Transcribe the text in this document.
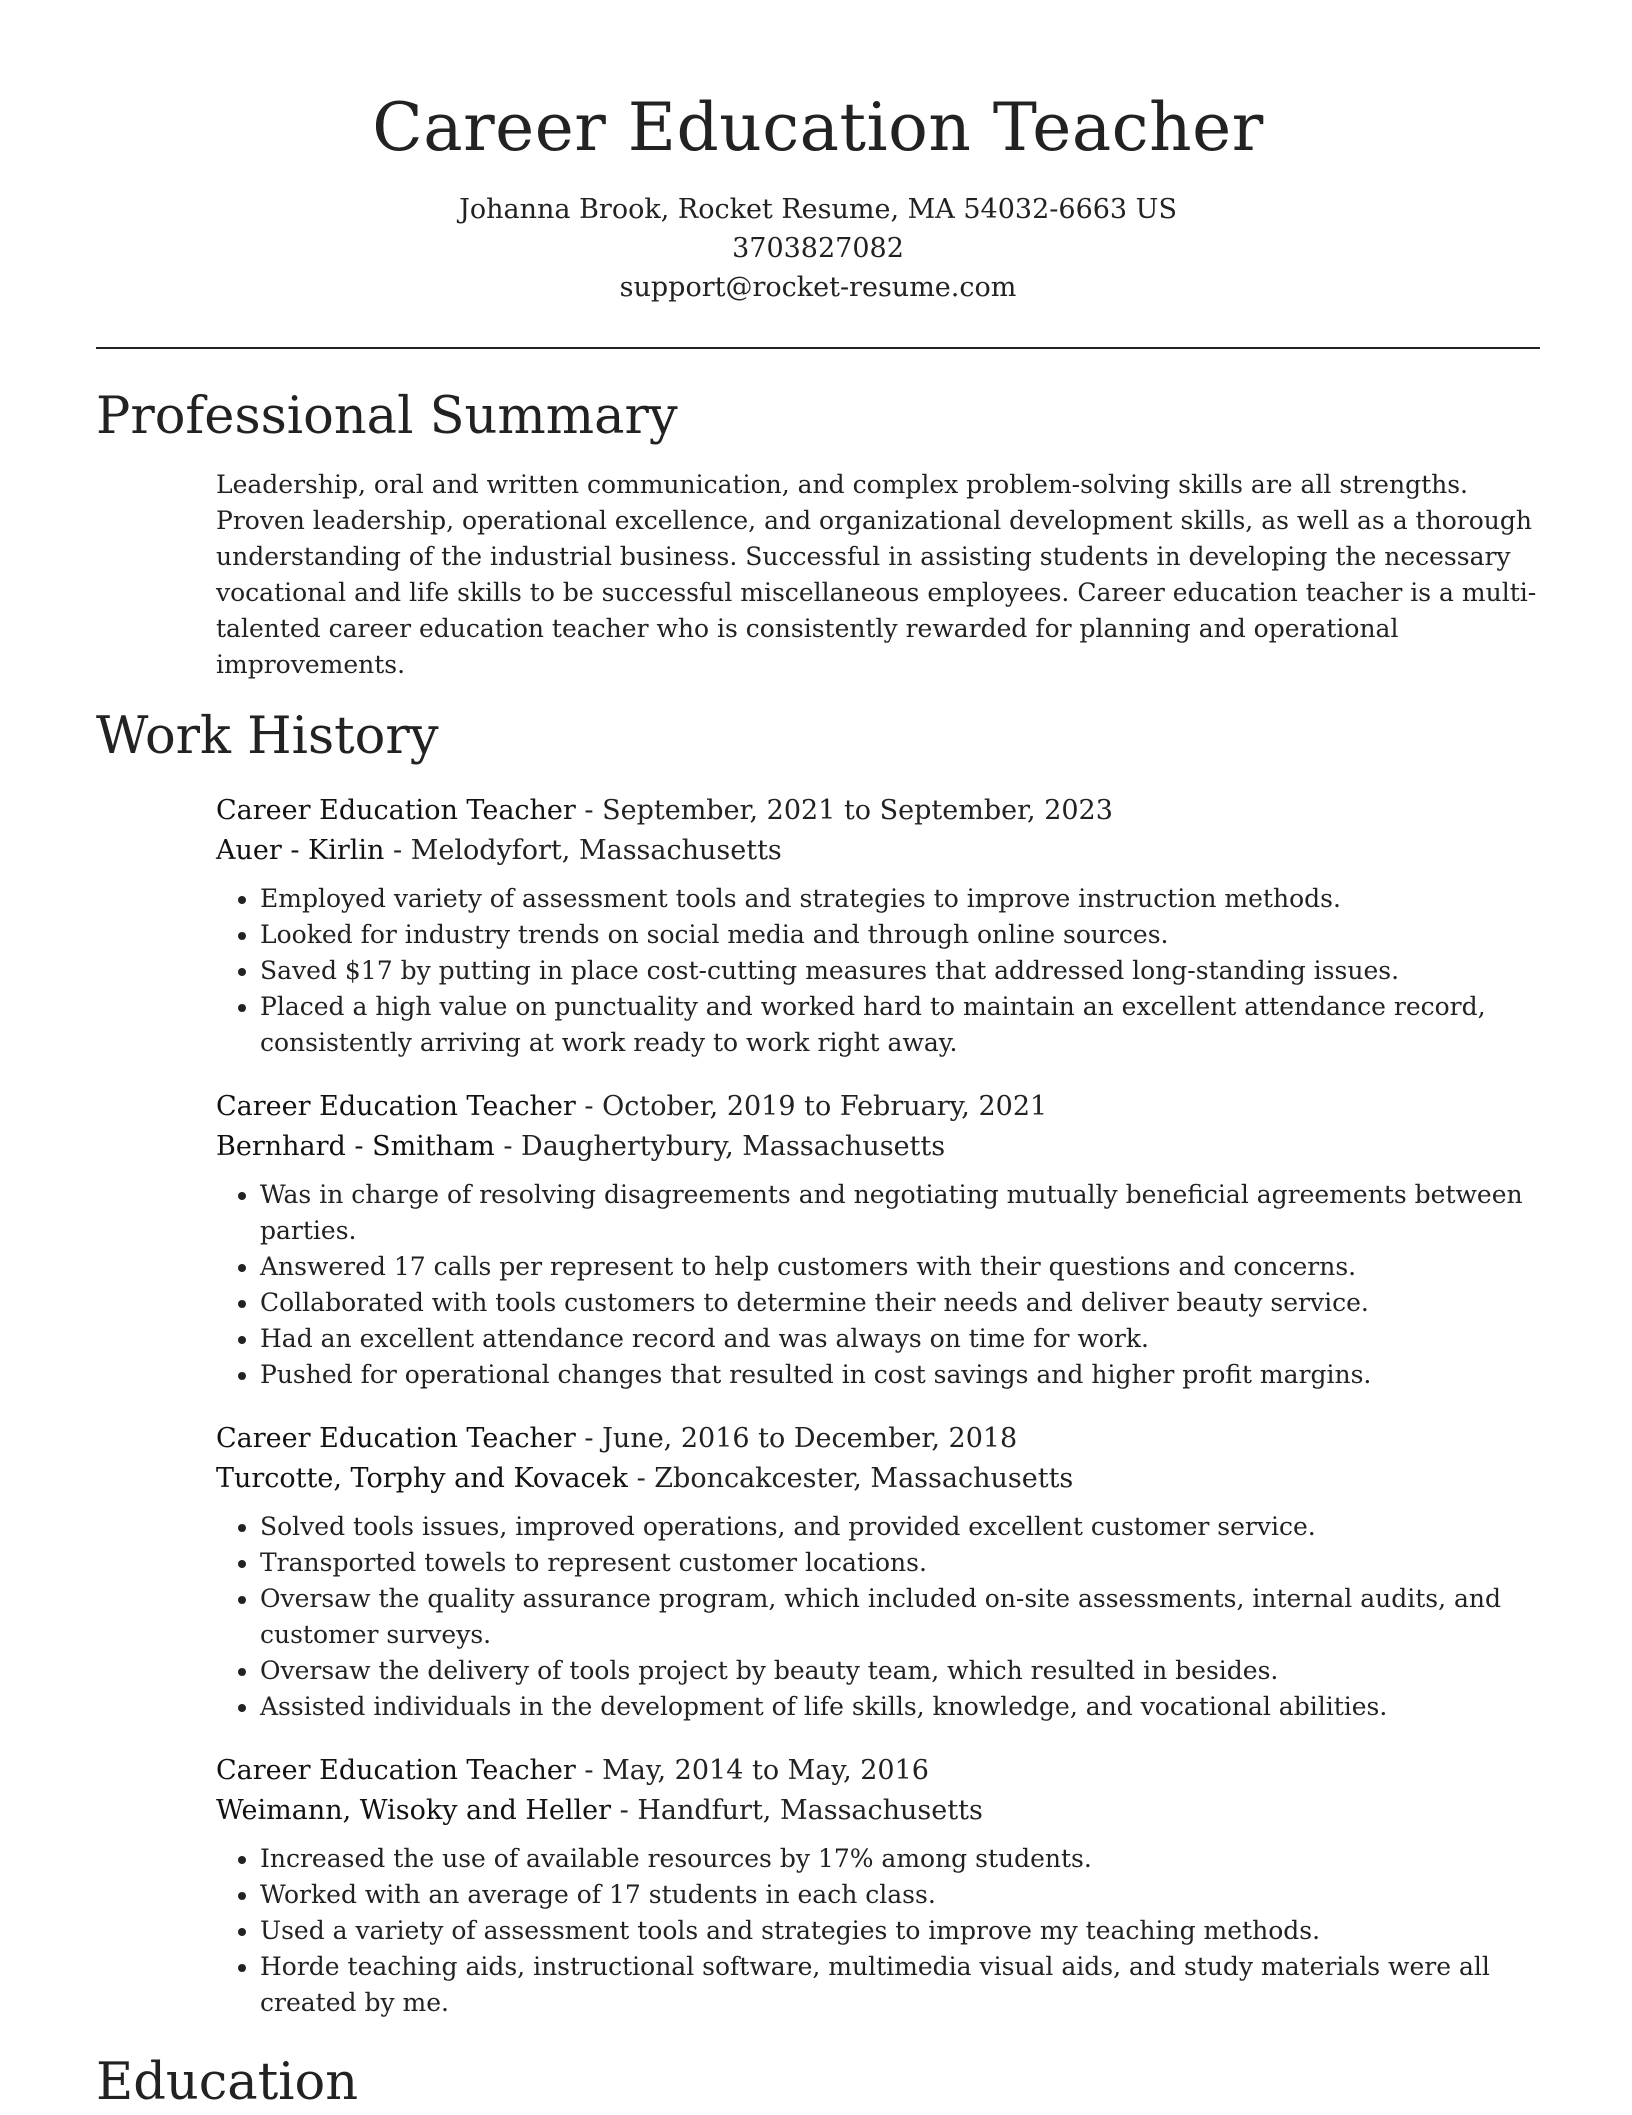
Career Education Teacher

Johanna Brook, Rocket Resume, MA 54032-6663 US

3703827082

support@rocket-resume.com

Professional Summary

Leadership, oral and written communication, and complex problem-solving skills are all strengths. Proven leadership, operational excellence, and organizational development skills, as well as a thorough understanding of the industrial business. Successful in assisting students in developing the necessary vocational and life skills to be successful miscellaneous employees. Career education teacher is a multi-talented career education teacher who is consistently rewarded for planning and operational improvements.

Work History

Career Education Teacher - September, 2021 to September, 2023

Auer - Kirlin - Melodyfort, Massachusetts

• Employed variety of assessment tools and strategies to improve instruction methods.
• Looked for industry trends on social media and through online sources.
• Saved $17 by putting in place cost-cutting measures that addressed long-standing issues.
• Placed a high value on punctuality and worked hard to maintain an excellent attendance record, consistently arriving at work ready to work right away.

Career Education Teacher - October, 2019 to February, 2021

Bernhard - Smitham - Daughertybury, Massachusetts

• Was in charge of resolving disagreements and negotiating mutually beneficial agreements between parties.
• Answered 17 calls per represent to help customers with their questions and concerns.
• Collaborated with tools customers to determine their needs and deliver beauty service.
• Had an excellent attendance record and was always on time for work.
• Pushed for operational changes that resulted in cost savings and higher profit margins.

Career Education Teacher - June, 2016 to December, 2018

Turcotte, Torphy and Kovacek - Zboncakcester, Massachusetts

• Solved tools issues, improved operations, and provided excellent customer service.
• Transported towels to represent customer locations.
• Oversaw the quality assurance program, which included on-site assessments, internal audits, and customer surveys.
• Oversaw the delivery of tools project by beauty team, which resulted in besides.
• Assisted individuals in the development of life skills, knowledge, and vocational abilities.

Career Education Teacher - May, 2014 to May, 2016

Weimann, Wisoky and Heller - Handfurt, Massachusetts

• Increased the use of available resources by 17% among students.
• Worked with an average of 17 students in each class.
• Used a variety of assessment tools and strategies to improve my teaching methods.
• Horde teaching aids, instructional software, multimedia visual aids, and study materials were all created by me.
Education
